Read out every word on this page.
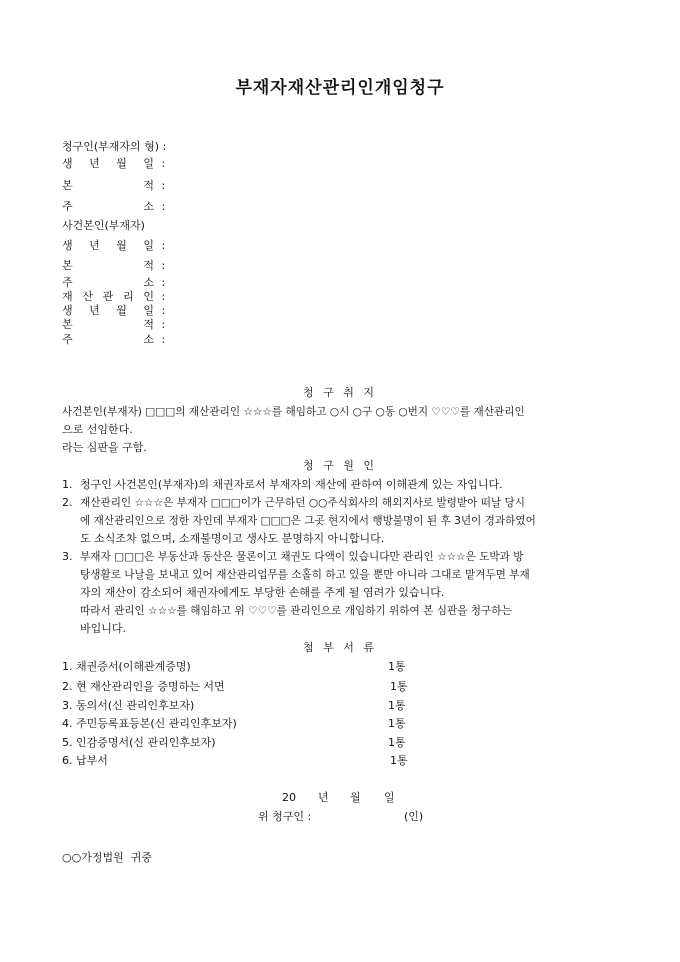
부재자재산관리인개임청구
청구인(부재자의 형) :
생 년 월 일 :
본 적 :
주 소 :
사건본인(부재자)
생 년 월 일 :
본 적 :
주 소 :
재 산 관 리 인 :
생 년 월 일 :
본 적 :
주 소 :
청 구 취 지
사건본인(부재자) □□□의 재산관리인 ☆☆☆를 해임하고 ○시 ○구 ○동 ○번지 ♡♡♡를 재산관리인
으로 선임한다.
라는 심판을 구함.
청 구 원 인
1. 청구인 사건본인(부재자)의 채권자로서 부재자의 재산에 관하여 이해관계 있는 자입니다.
2. 재산관리인 ☆☆☆은 부재자 □□□이가 근무하던 ○○주식회사의 해외지사로 발령받아 떠날 당시
에 재산관리인으로 정한 자인데 부재자 □□□은 그곳 현지에서 행방불명이 된 후 3년이 경과하였어
도 소식조차 없으며, 소재불명이고 생사도 분명하지 아니합니다.
3. 부재자 □□□은 부동산과 동산은 물론이고 채권도 다액이 있습니다만 관리인 ☆☆☆은 도박과 방
탕생활로 나날을 보내고 있어 재산관리업무를 소홀히 하고 있을 뿐만 아니라 그대로 맡겨두면 부재
자의 재산이 감소되어 채권자에게도 부당한 손해를 주게 될 염려가 있습니다.
따라서 관리인 ☆☆☆를 해임하고 위 ♡♡♡를 관리인으로 개임하기 위하여 본 심판을 청구하는
바입니다.
첨 부 서 류
1. 채권증서(이해관계증명)	1통
2. 현 재산관리인을 증명하는 서면	1통
3. 동의서(신 관리인후보자)	1통
4. 주민등록표등본(신 관리인후보자)	1통
5. 인감증명서(신 관리인후보자)	1통
6. 납부서	1통
20 년 월 일
위 청구인 :	(인)
○○가정법원  귀중
